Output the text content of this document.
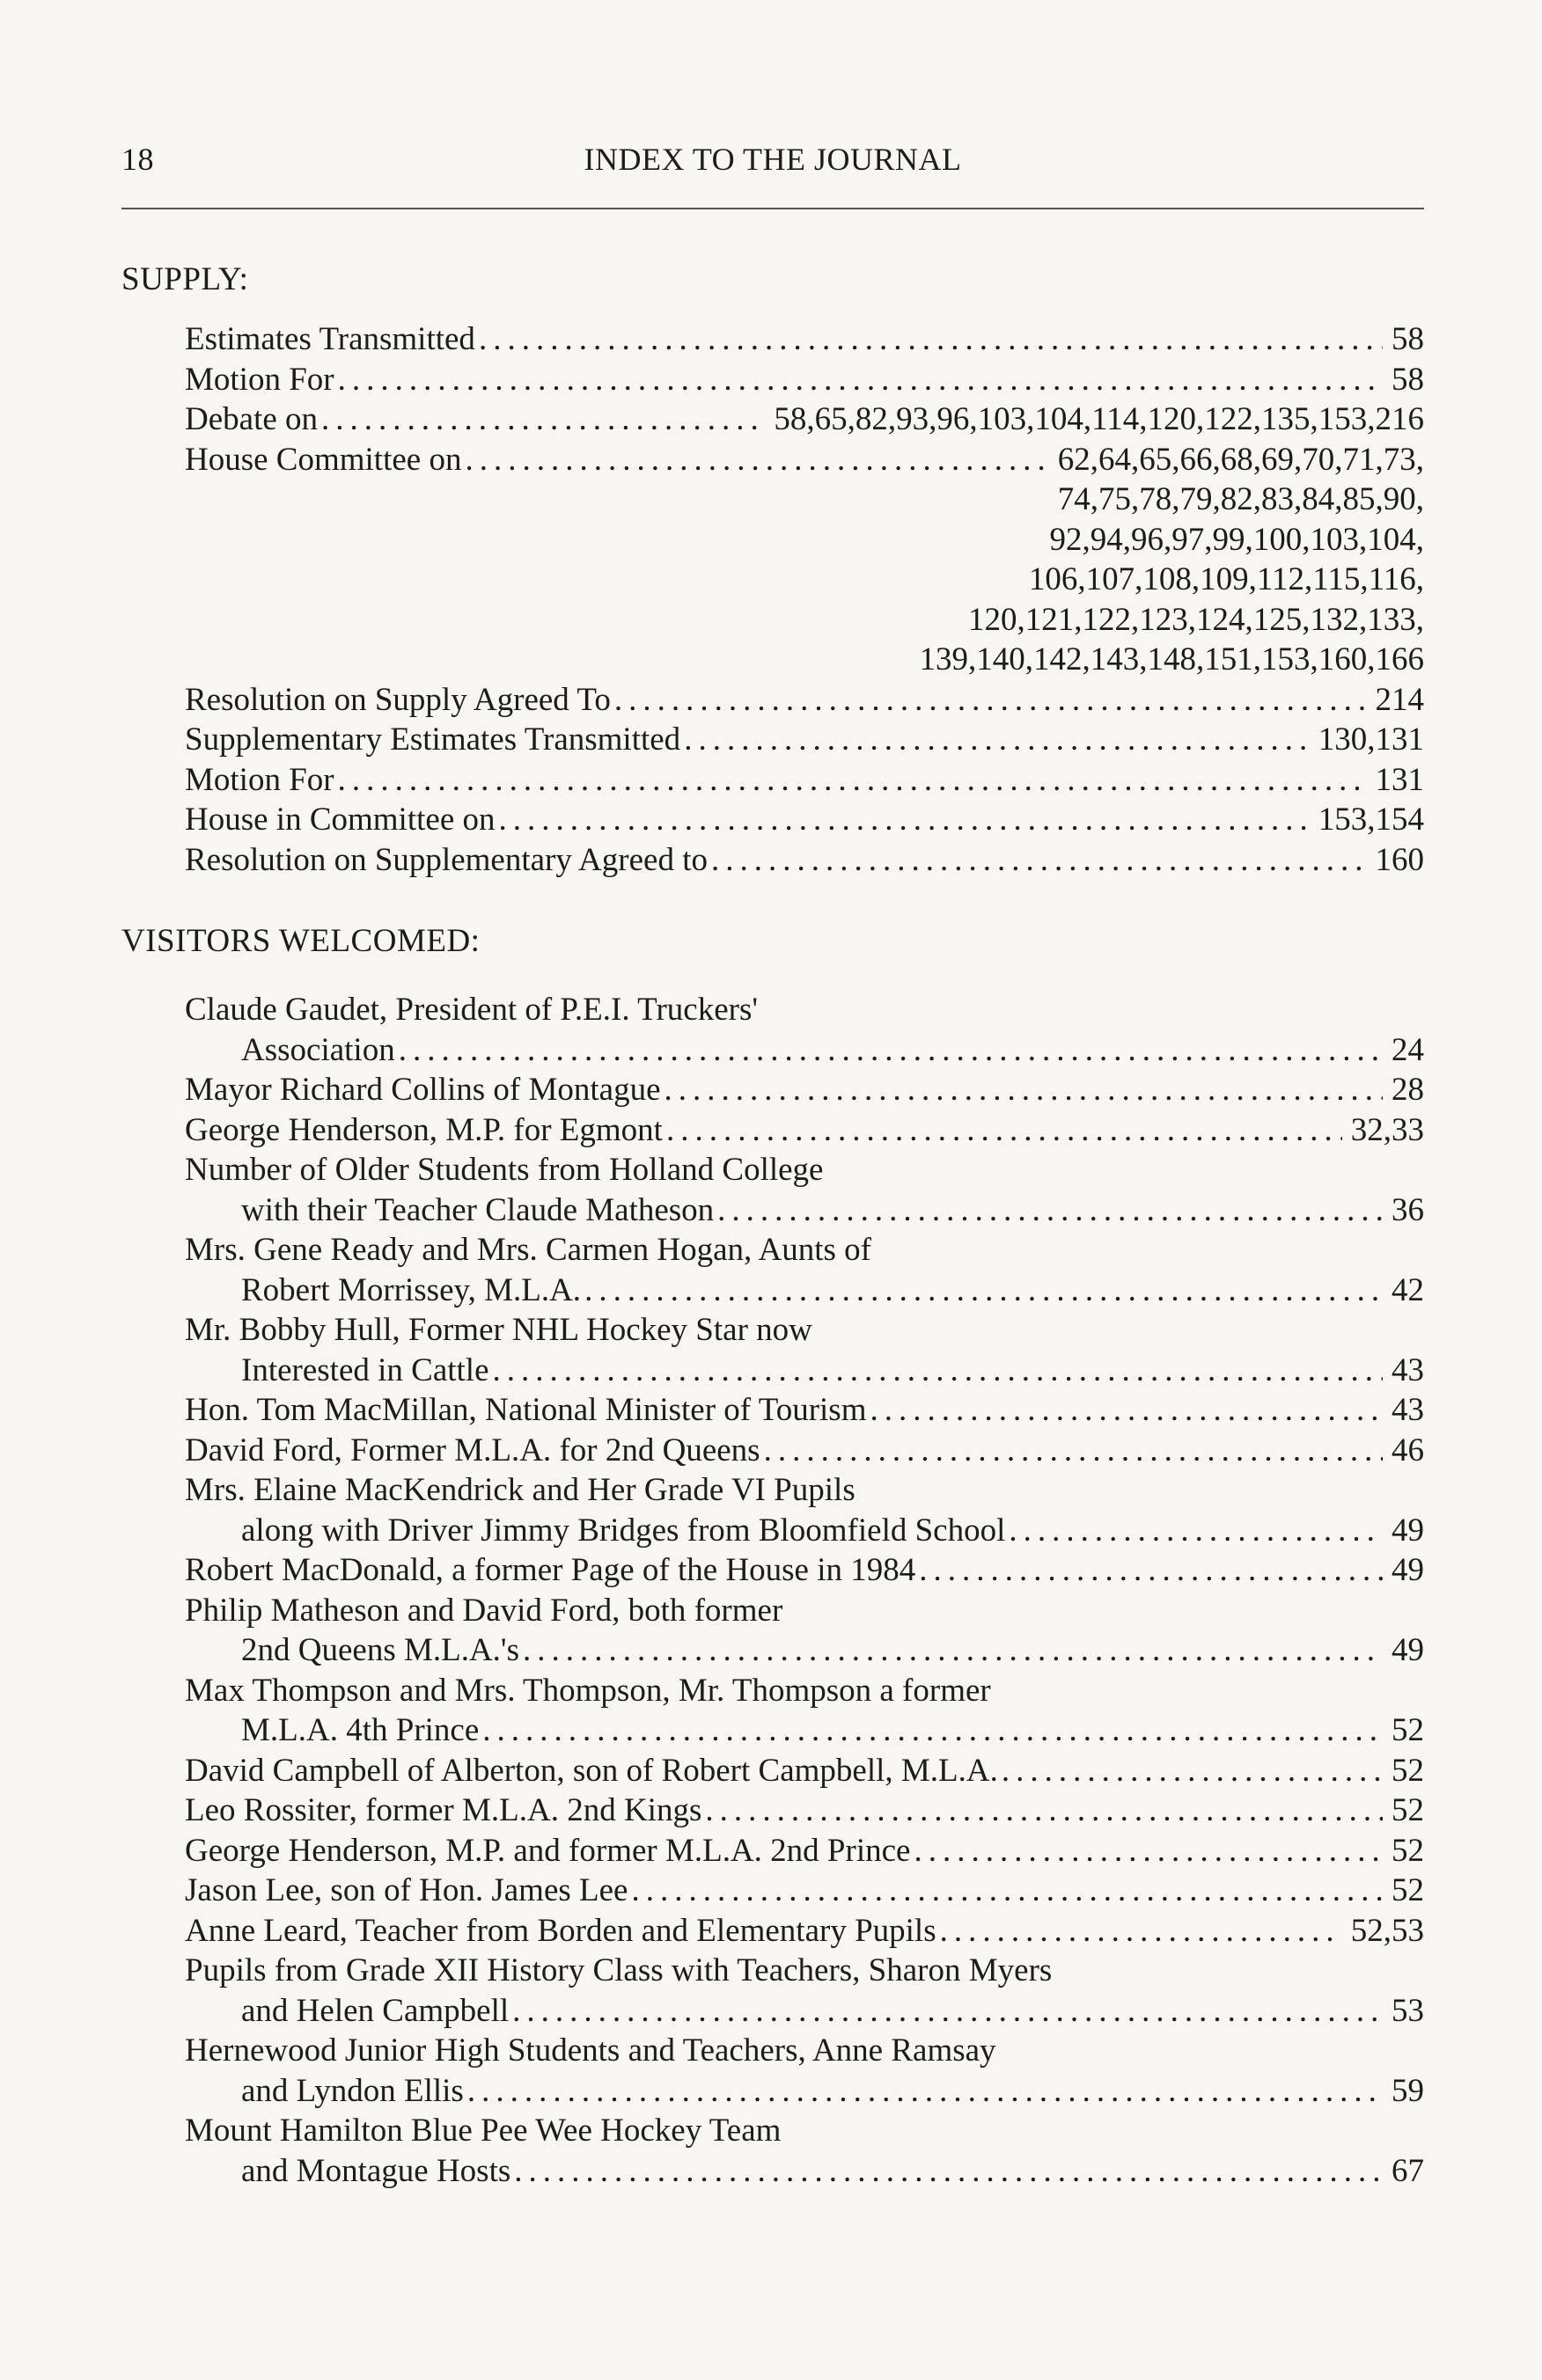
18	INDEX TO THE JOURNAL
SUPPLY:
Estimates Transmitted .....	58
Motion For .....	58
Debate on .....	58,65,82,93,96,103,104,114,120,122,135,153,216
House Committee on .....	62,64,65,66,68,69,70,71,73,
74,75,78,79,82,83,84,85,90,
92,94,96,97,99,100,103,104,
106,107,108,109,112,115,116,
120,121,122,123,124,125,132,133,
139,140,142,143,148,151,153,160,166
Resolution on Supply Agreed To .....	214
Supplementary Estimates Transmitted .....	130,131
Motion For .....	131
House in Committee on .....	153,154
Resolution on Supplementary Agreed to .....	160
VISITORS WELCOMED:
Claude Gaudet, President of P.E.I. Truckers'
Association .....	24
Mayor Richard Collins of Montague .....	28
George Henderson, M.P. for Egmont .....	32,33
Number of Older Students from Holland College
with their Teacher Claude Matheson .....	36
Mrs. Gene Ready and Mrs. Carmen Hogan, Aunts of
Robert Morrissey, M.L.A. .....	42
Mr. Bobby Hull, Former NHL Hockey Star now
Interested in Cattle .....	43
Hon. Tom MacMillan, National Minister of Tourism .....	43
David Ford, Former M.L.A. for 2nd Queens .....	46
Mrs. Elaine MacKendrick and Her Grade VI Pupils
along with Driver Jimmy Bridges from Bloomfield School .....	49
Robert MacDonald, a former Page of the House in 1984 .....	49
Philip Matheson and David Ford, both former
2nd Queens M.L.A.'s .....	49
Max Thompson and Mrs. Thompson, Mr. Thompson a former
M.L.A. 4th Prince .....	52
David Campbell of Alberton, son of Robert Campbell, M.L.A. .....	52
Leo Rossiter, former M.L.A. 2nd Kings .....	52
George Henderson, M.P. and former M.L.A. 2nd Prince .....	52
Jason Lee, son of Hon. James Lee .....	52
Anne Leard, Teacher from Borden and Elementary Pupils .....	52,53
Pupils from Grade XII History Class with Teachers, Sharon Myers
and Helen Campbell .....	53
Hernewood Junior High Students and Teachers, Anne Ramsay
and Lyndon Ellis .....	59
Mount Hamilton Blue Pee Wee Hockey Team
and Montague Hosts .....	67
